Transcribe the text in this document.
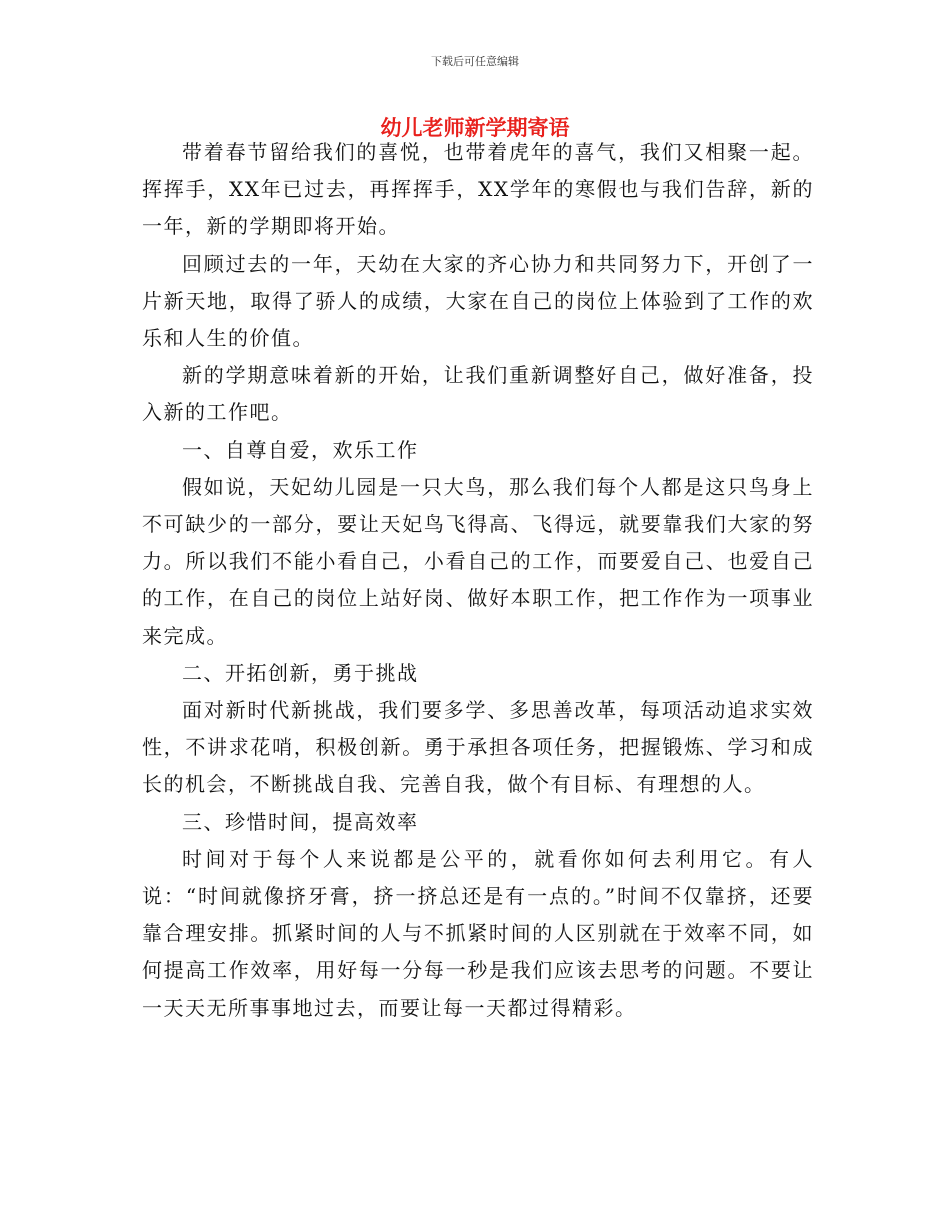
下载后可任意编辑
幼儿老师新学期寄语

带着春节留给我们的喜悦，也带着虎年的喜气，我们又相聚一起。挥挥手，XX年已过去，再挥挥手，XX学年的寒假也与我们告辞，新的一年，新的学期即将开始。

回顾过去的一年，天幼在大家的齐心协力和共同努力下，开创了一片新天地，取得了骄人的成绩，大家在自己的岗位上体验到了工作的欢乐和人生的价值。

新的学期意味着新的开始，让我们重新调整好自己，做好准备，投入新的工作吧。

一、自尊自爱，欢乐工作

假如说，天妃幼儿园是一只大鸟，那么我们每个人都是这只鸟身上不可缺少的一部分，要让天妃鸟飞得高、飞得远，就要靠我们大家的努力。所以我们不能小看自己，小看自己的工作，而要爱自己、也爱自己的工作，在自己的岗位上站好岗、做好本职工作，把工作作为一项事业来完成。

二、开拓创新，勇于挑战

面对新时代新挑战，我们要多学、多思善改革，每项活动追求实效性，不讲求花哨，积极创新。勇于承担各项任务，把握锻炼、学习和成长的机会，不断挑战自我、完善自我，做个有目标、有理想的人。

三、珍惜时间，提高效率

时间对于每个人来说都是公平的，就看你如何去利用它。有人说：“时间就像挤牙膏，挤一挤总还是有一点的。”时间不仅靠挤，还要靠合理安排。抓紧时间的人与不抓紧时间的人区别就在于效率不同，如何提高工作效率，用好每一分每一秒是我们应该去思考的问题。不要让一天天无所事事地过去，而要让每一天都过得精彩。
